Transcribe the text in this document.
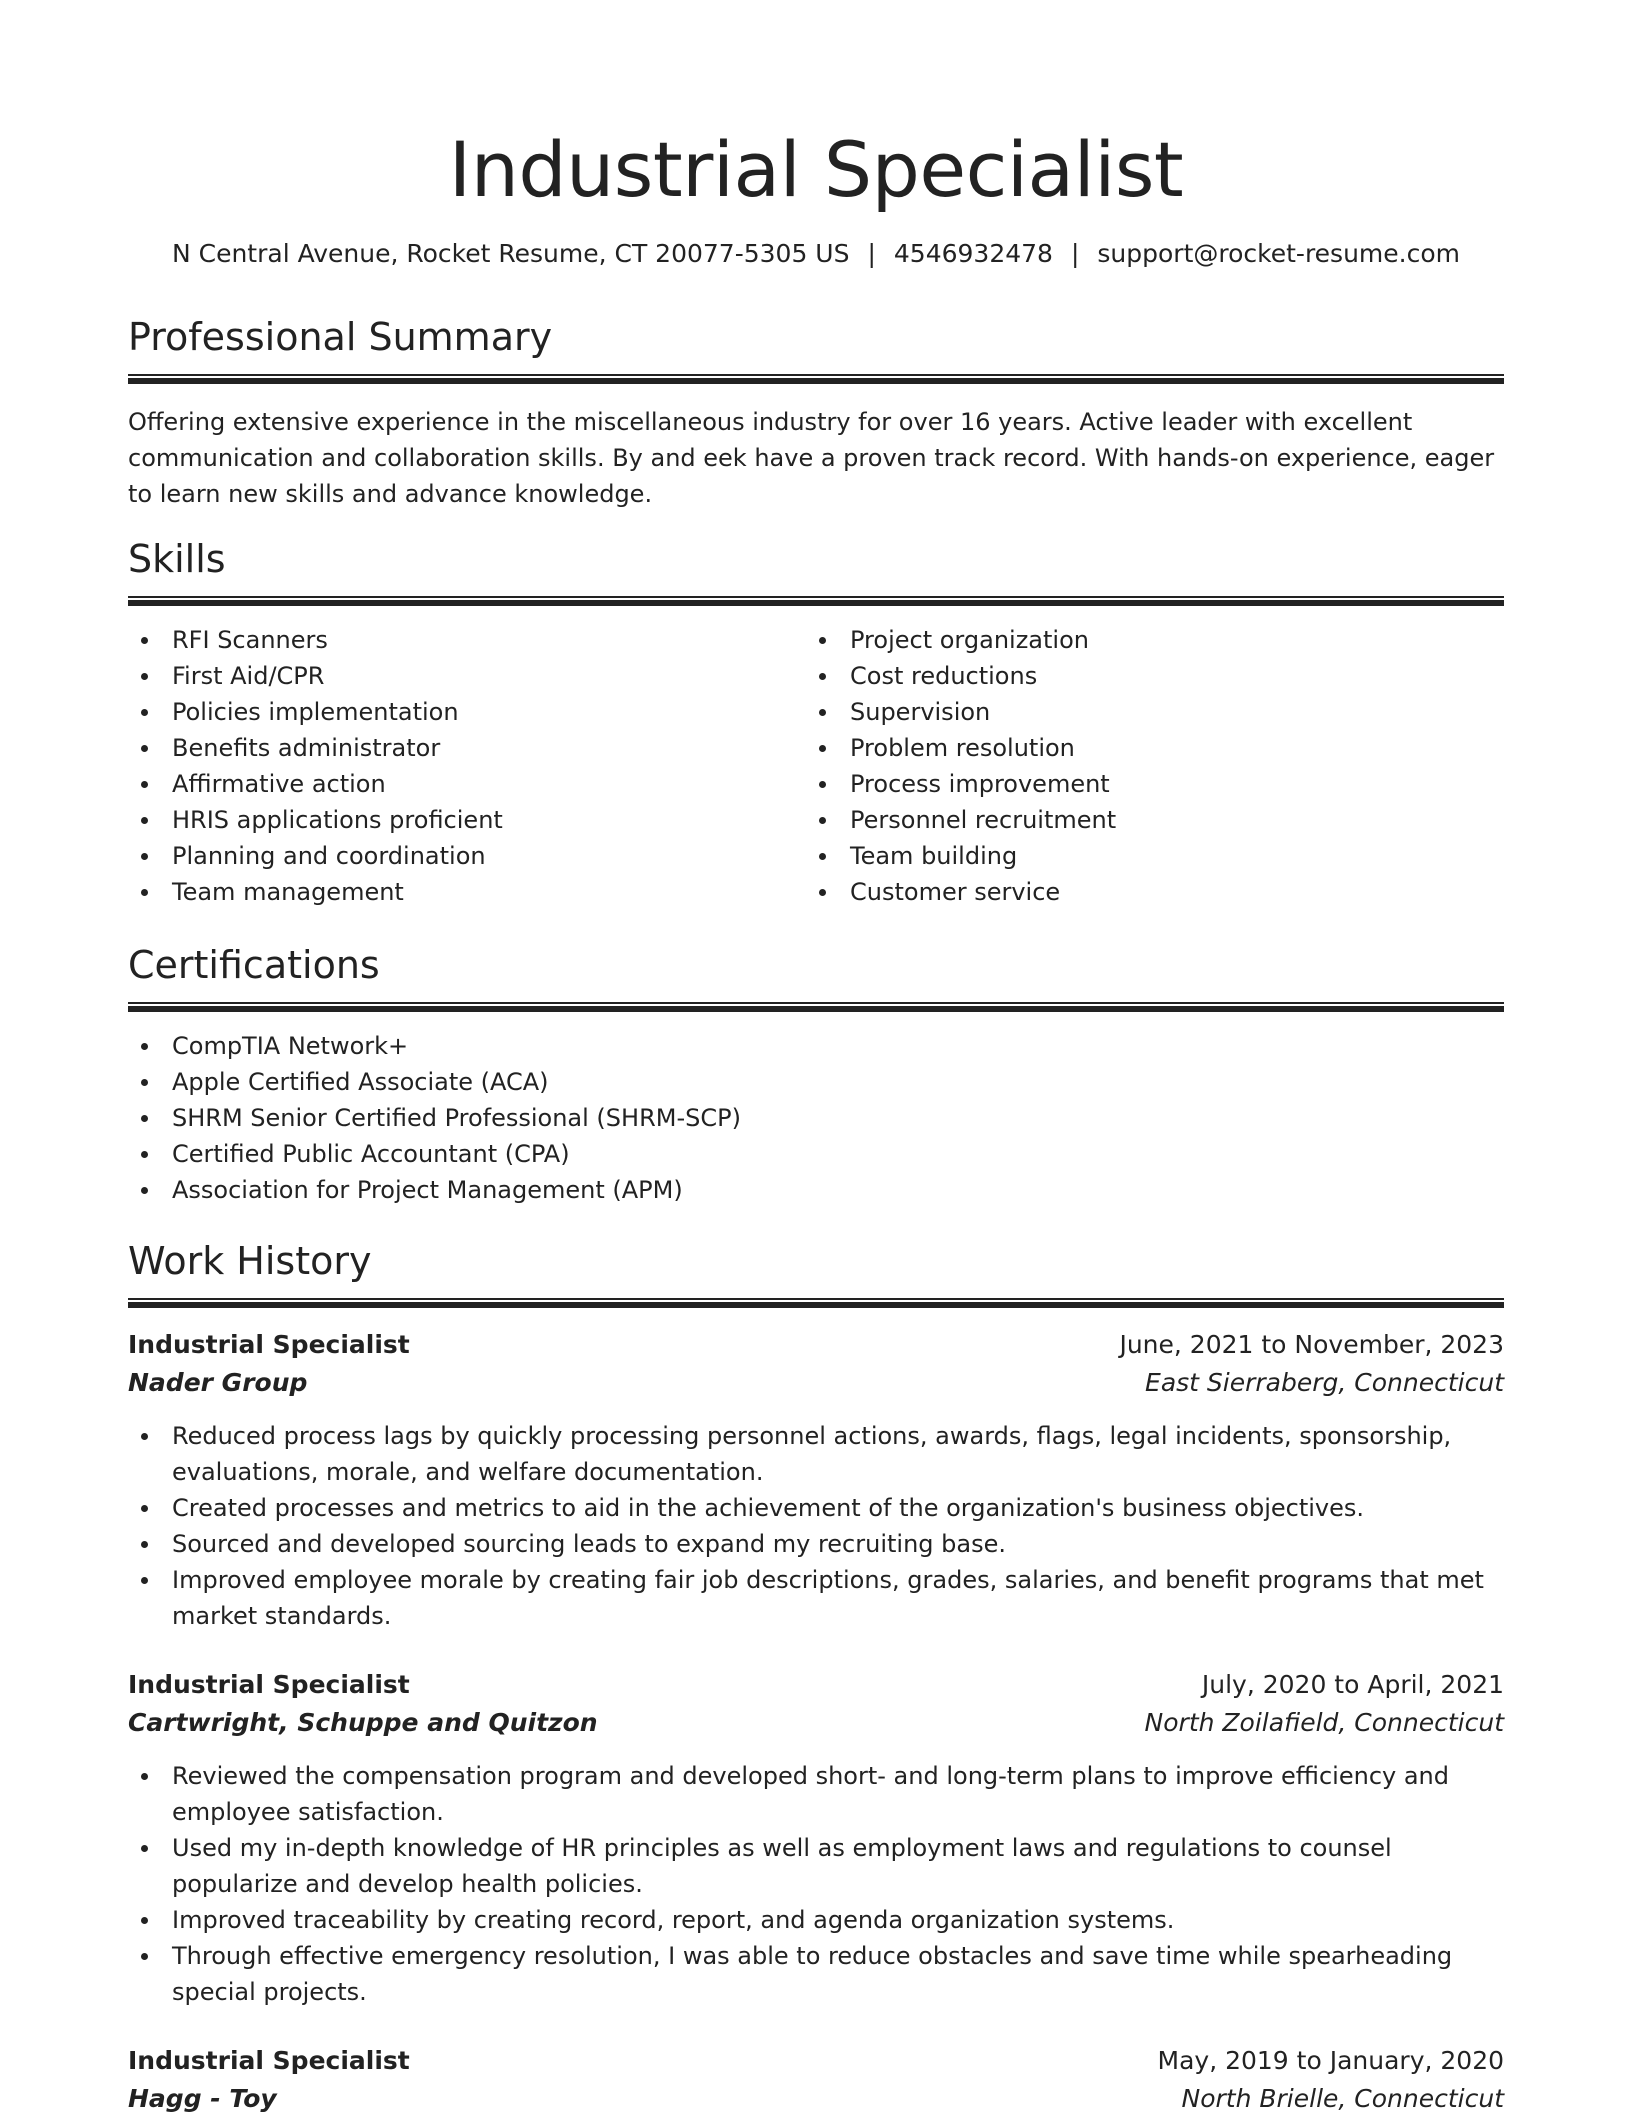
Industrial Specialist
N Central Avenue, Rocket Resume, CT 20077-5305 US | 4546932478 | support@rocket-resume.com
Professional Summary

Offering extensive experience in the miscellaneous industry for over 16 years. Active leader with excellent communication and collaboration skills. By and eek have a proven track record. With hands-on experience, eager to learn new skills and advance knowledge.

Skills
RFI Scanners
First Aid/CPR
Policies implementation
Benefits administrator
Affirmative action
HRIS applications proficient
Planning and coordination
Team management
Project organization
Cost reductions
Supervision
Problem resolution
Process improvement
Personnel recruitment
Team building
Customer service
Certifications
CompTIA Network+
Apple Certified Associate (ACA)
SHRM Senior Certified Professional (SHRM-SCP)
Certified Public Accountant (CPA)
Association for Project Management (APM)
Work History
Industrial Specialist	June, 2021 to November, 2023
Nader Group	East Sierraberg, Connecticut
Reduced process lags by quickly processing personnel actions, awards, flags, legal incidents, sponsorship, evaluations, morale, and welfare documentation.
Created processes and metrics to aid in the achievement of the organization's business objectives.
Sourced and developed sourcing leads to expand my recruiting base.
Improved employee morale by creating fair job descriptions, grades, salaries, and benefit programs that met market standards.
Industrial Specialist	July, 2020 to April, 2021
Cartwright, Schuppe and Quitzon	North Zoilafield, Connecticut
Reviewed the compensation program and developed short- and long-term plans to improve efficiency and employee satisfaction.
Used my in-depth knowledge of HR principles as well as employment laws and regulations to counsel popularize and develop health policies.
Improved traceability by creating record, report, and agenda organization systems.
Through effective emergency resolution, I was able to reduce obstacles and save time while spearheading special projects.
Industrial Specialist	May, 2019 to January, 2020
Hagg - Toy	North Brielle, Connecticut
